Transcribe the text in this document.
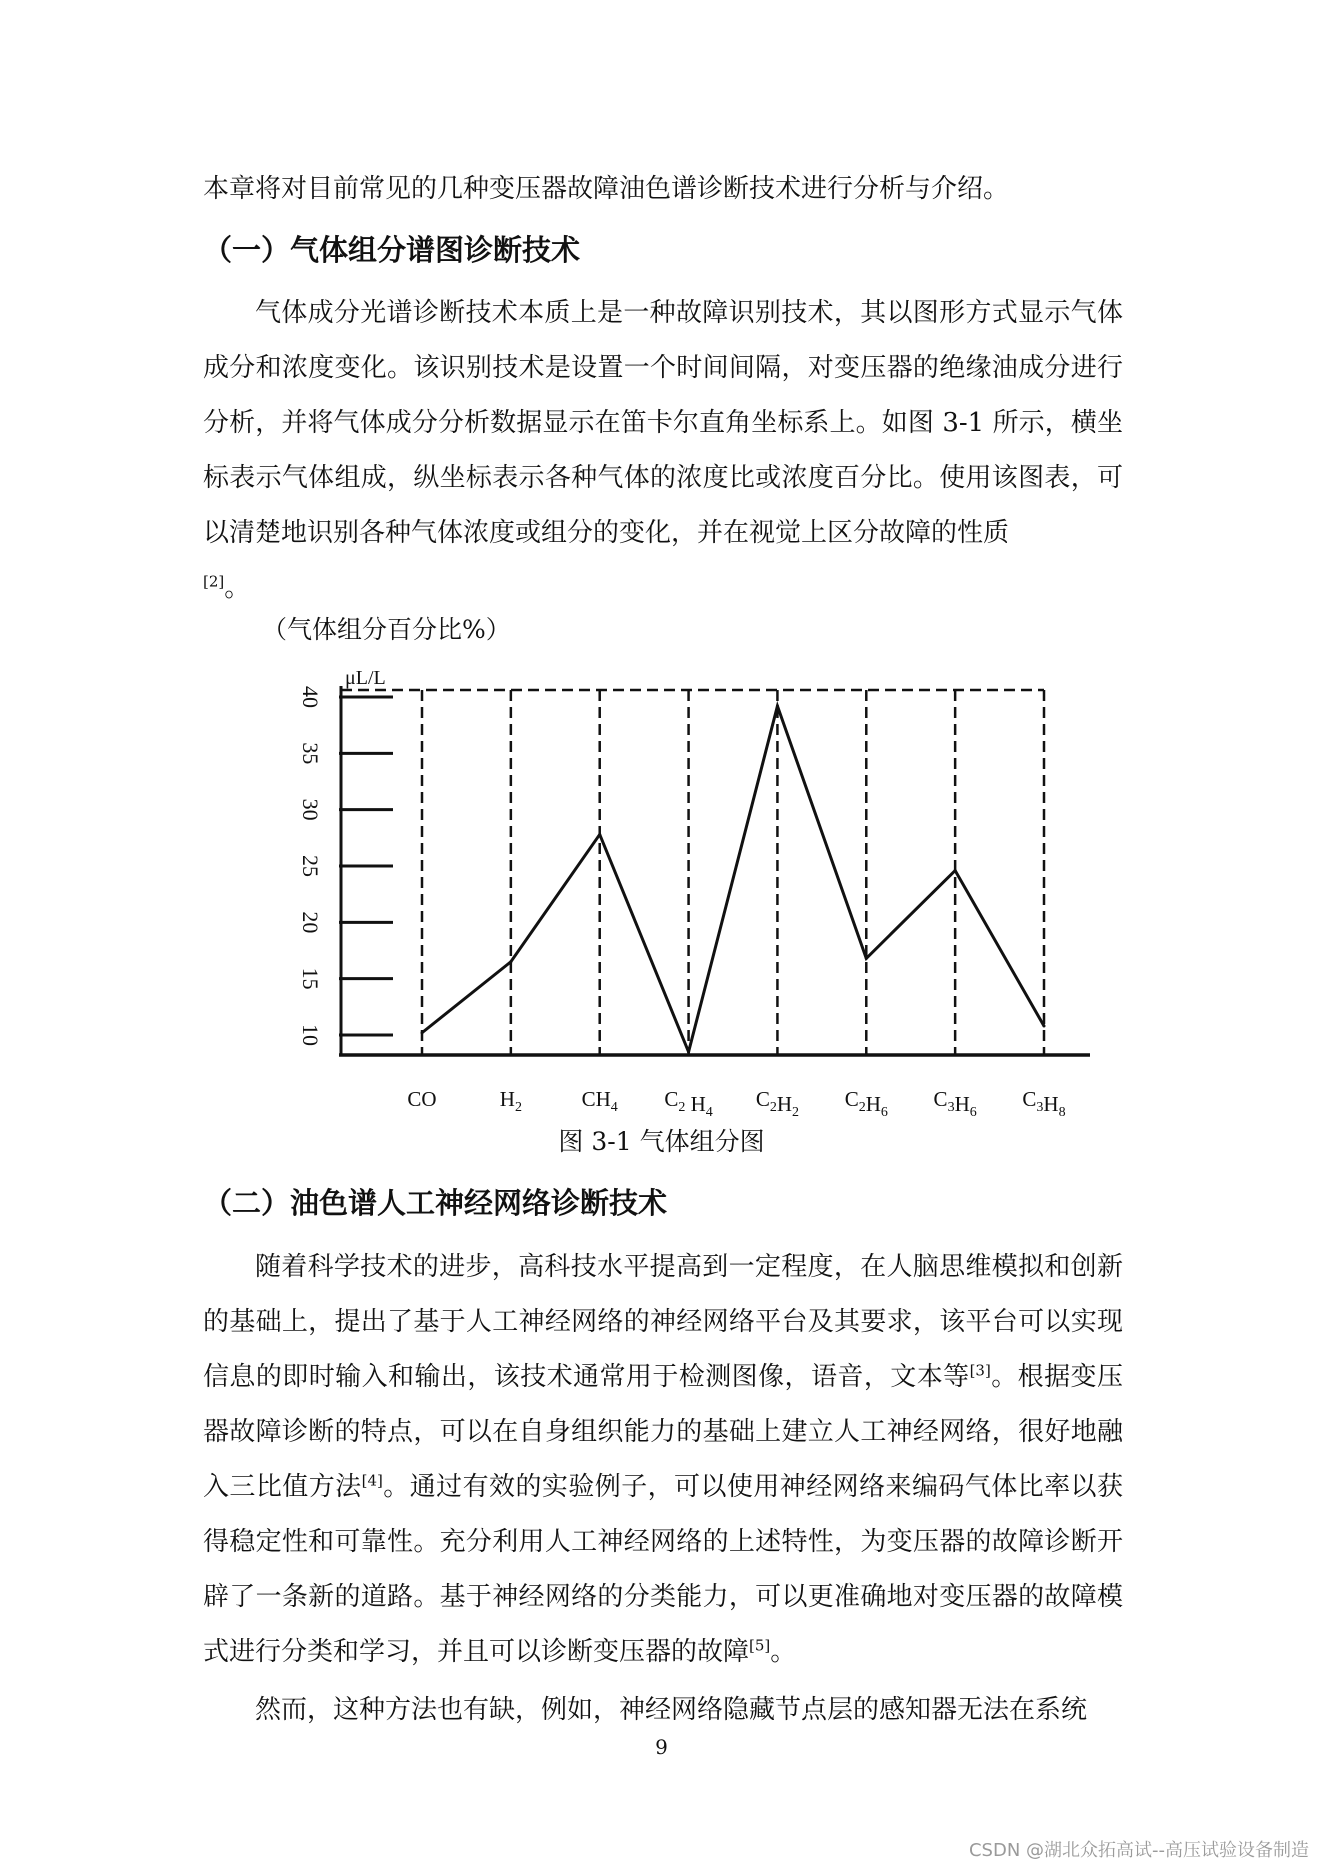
本章将对目前常见的几种变压器故障油色谱诊断技术进行分析与介绍。

（一）气体组分谱图诊断技术

气体成分光谱诊断技术本质上是一种故障识别技术，其以图形方式显示气体成分和浓度变化。该识别技术是设置一个时间间隔，对变压器的绝缘油成分进行分析，并将气体成分分析数据显示在笛卡尔直角坐标系上。如图 3-1 所示，横坐标表示气体组成，纵坐标表示各种气体的浓度比或浓度百分比。使用该图表，可以清楚地识别各种气体浓度或组分的变化，并在视觉上区分故障的性质
[2]。

（气体组分百分比%）
μL/L
10
15
20
25
30
35
40
CO	$H_2$	$CH_4$ $C_2$ $H_4$
$C_2H_2$
$C_2H_6$
$C_3H_6$
$C_3H_8$
图 3-1 气体组分图
（二）油色谱人工神经网络诊断技术

随着科学技术的进步，高科技水平提高到一定程度，在人脑思维模拟和创新的基础上，提出了基于人工神经网络的神经网络平台及其要求，该平台可以实现信息的即时输入和输出，该技术通常用于检测图像，语音，文本等[3]。根据变压器故障诊断的特点，可以在自身组织能力的基础上建立人工神经网络，很好地融入三比值方法[4]。通过有效的实验例子，可以使用神经网络来编码气体比率以获得稳定性和可靠性。充分利用人工神经网络的上述特性，为变压器的故障诊断开辟了一条新的道路。基于神经网络的分类能力，可以更准确地对变压器的故障模式进行分类和学习，并且可以诊断变压器的故障[5]。

然而，这种方法也有缺，例如，神经网络隐藏节点层的感知器无法在系统

9
CSDN @湖北众拓高试--高压试验设备制造
